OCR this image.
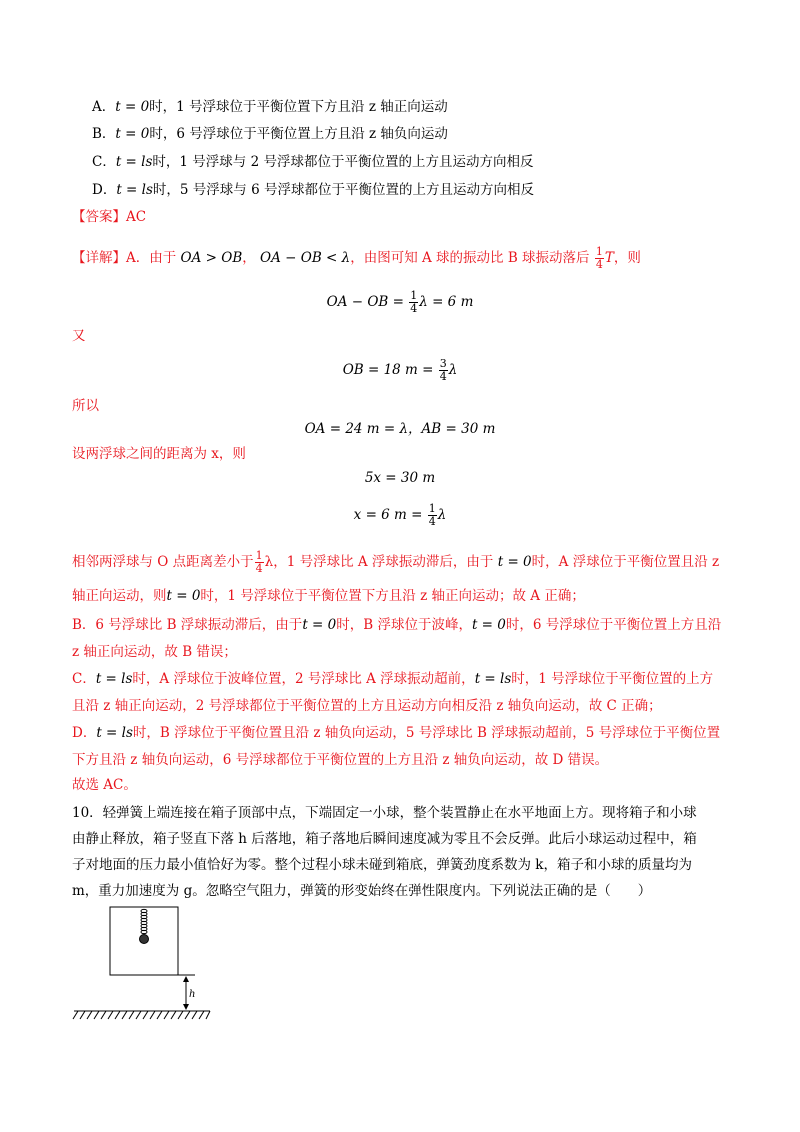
A．t = 0时，1 号浮球位于平衡位置下方且沿 z 轴正向运动
B．t = 0时，6 号浮球位于平衡位置上方且沿 z 轴负向运动
C．t = ls时，1 号浮球与 2 号浮球都位于平衡位置的上方且运动方向相反
D．t = ls时，5 号浮球与 6 号浮球都位于平衡位置的上方且运动方向相反
【答案】AC
【详解】A．由于 OA > OB， OA − OB < λ，由图可知 A 球的振动比 B 球振动落后 $\frac{1}{4}$ T，则
OA − OB = $\frac{1}{4}$ λ = 6 m
又
OB = 18 $m = \frac{3}{4}$ λ
所以
OA = 24 m = λ，AB = 30 m
设两浮球之间的距离为 x，则
5x = 30 m
x = 6 $m = \frac{1}{4}$ λ
相邻两浮球与 O 点距离差小于 $\frac{1}{4}$ λ，1 号浮球比 A 浮球振动滞后，由于 t = 0时，A 浮球位于平衡位置且沿 z
轴正向运动，则t = 0时，1 号浮球位于平衡位置下方且沿 z 轴正向运动；故 A 正确；
B．6 号浮球比 B 浮球振动滞后，由于t = 0时，B 浮球位于波峰，t = 0时，6 号浮球位于平衡位置上方且沿
z 轴正向运动，故 B 错误；
C．t = ls时，A 浮球位于波峰位置，2 号浮球比 A 浮球振动超前，t = ls时，1 号浮球位于平衡位置的上方
且沿 z 轴正向运动，2 号浮球都位于平衡位置的上方且运动方向相反沿 z 轴负向运动，故 C 正确；
D．t = ls时，B 浮球位于平衡位置且沿 z 轴负向运动，5 号浮球比 B 浮球振动超前，5 号浮球位于平衡位置
下方且沿 z 轴负向运动，6 号浮球都位于平衡位置的上方且沿 z 轴负向运动，故 D 错误。
故选 AC。
10．轻弹簧上端连接在箱子顶部中点，下端固定一小球，整个装置静止在水平地面上方。现将箱子和小球
由静止释放，箱子竖直下落 h 后落地，箱子落地后瞬间速度减为零且不会反弹。此后小球运动过程中，箱
子对地面的压力最小值恰好为零。整个过程小球未碰到箱底，弹簧劲度系数为 k，箱子和小球的质量均为
m，重力加速度为 g。忽略空气阻力，弹簧的形变始终在弹性限度内。下列说法正确的是（　　）
h
